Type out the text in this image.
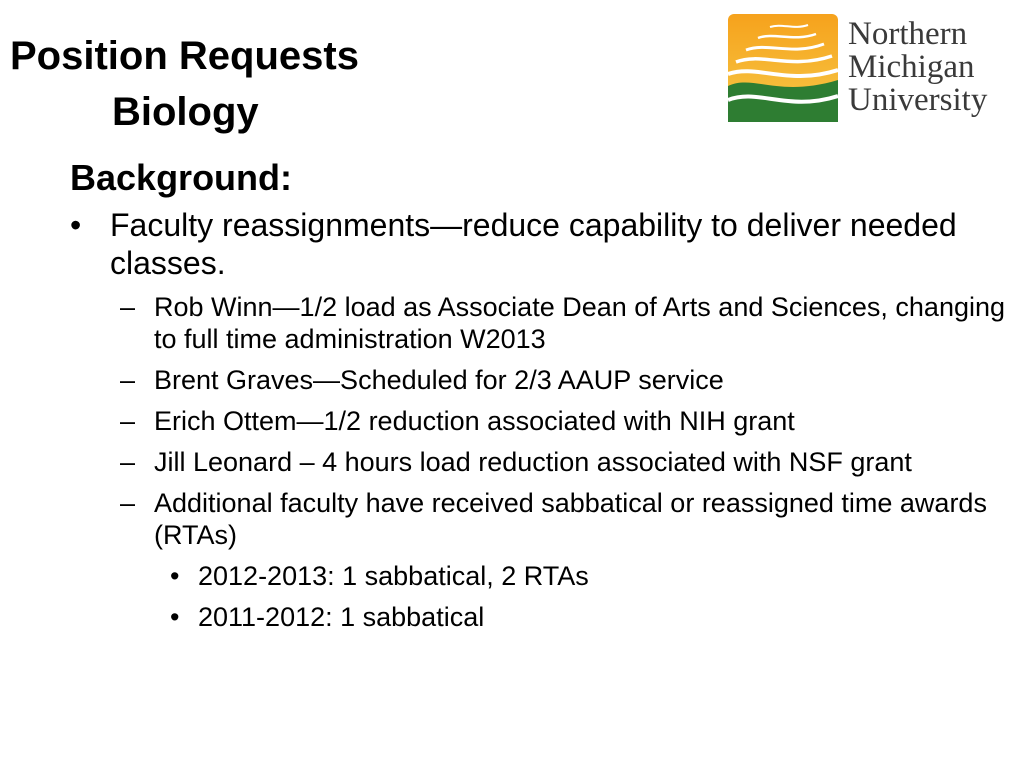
Position Requests
Biology
Northern
Michigan
University
Background:
• Faculty reassignments—reduce capability to deliver needed classes.
– Rob Winn—1/2 load as Associate Dean of Arts and Sciences, changing to full time administration W2013
– Brent Graves—Scheduled for 2/3 AAUP service
– Erich Ottem—1/2 reduction associated with NIH grant
– Jill Leonard – 4 hours load reduction associated with NSF grant
– Additional faculty have received sabbatical or reassigned time awards (RTAs)
• 2012-2013: 1 sabbatical, 2 RTAs
• 2011-2012: 1 sabbatical
